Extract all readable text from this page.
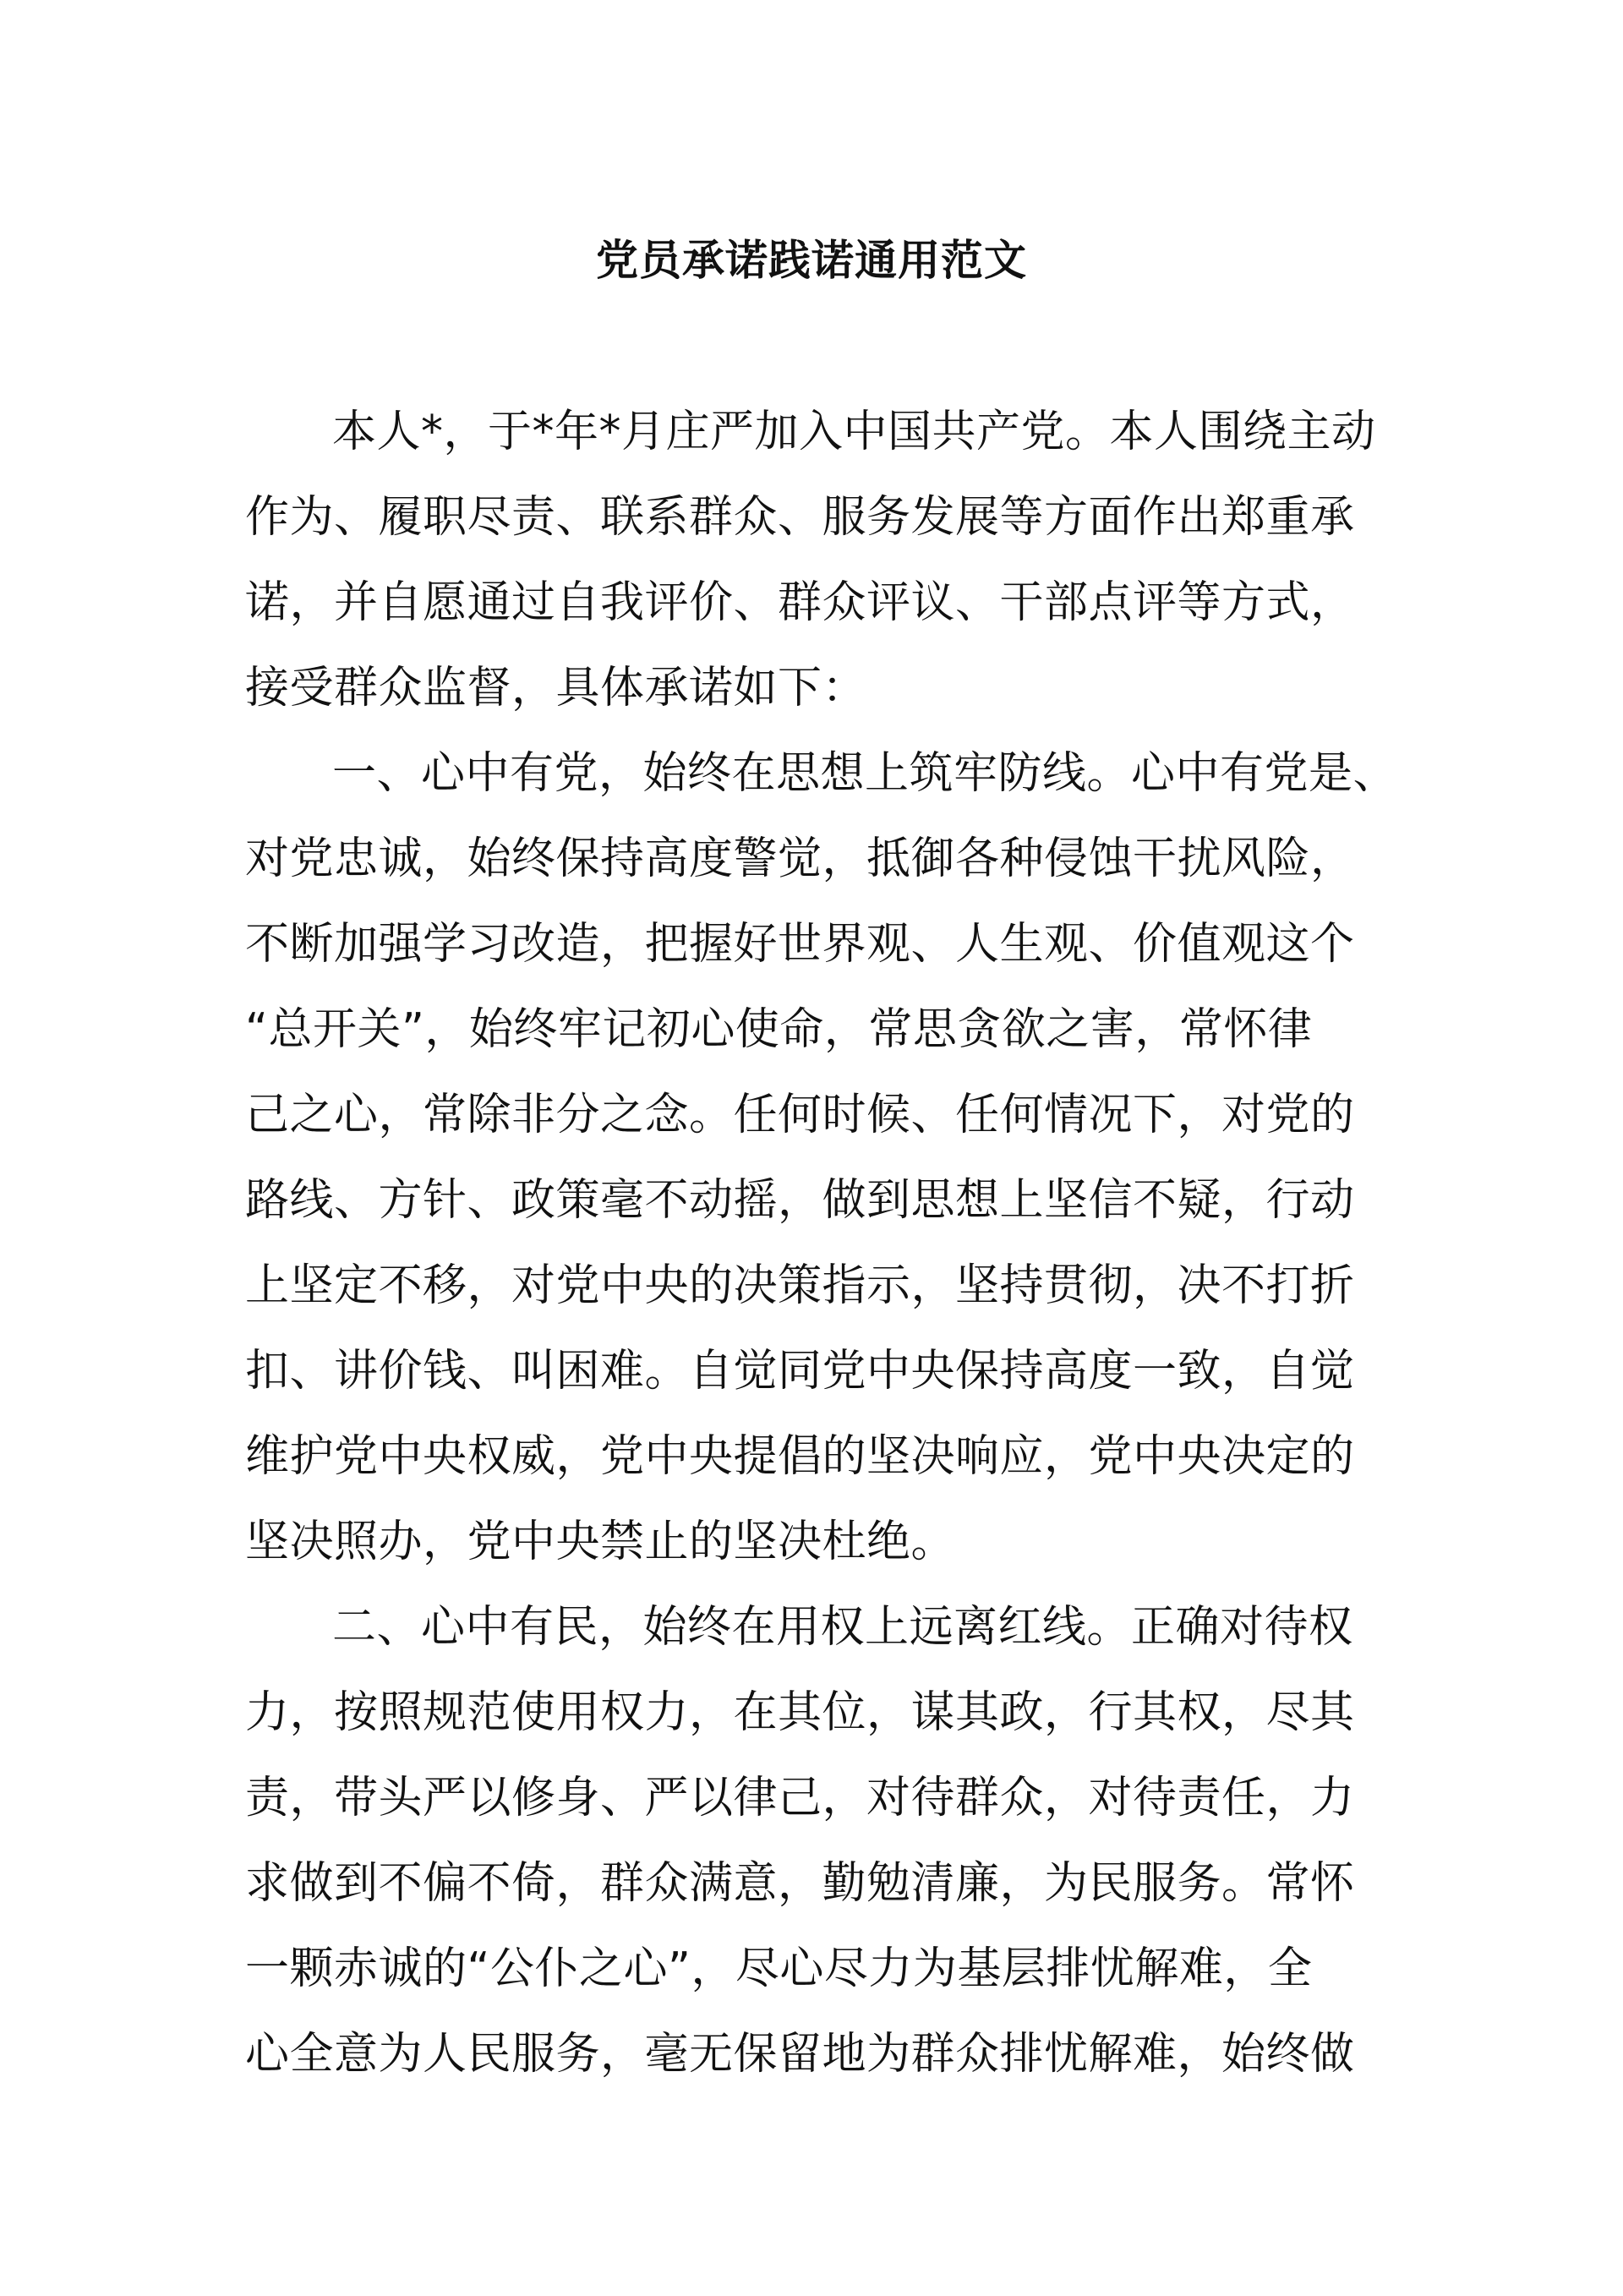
党员承诺践诺通用范文
本人*，于*年*月庄严加入中国共产党。本人围绕主动
作为、履职尽责、联系群众、服务发展等方面作出郑重承
诺，并自愿通过自我评价、群众评议、干部点评等方式，
接受群众监督，具体承诺如下：
一、心中有党，始终在思想上筑牢防线。心中有党是、
对党忠诚，始终保持高度警觉，抵御各种侵蚀干扰风险，
不断加强学习改造，把握好世界观、人生观、价值观这个
“总开关”，始终牢记初心使命，常思贪欲之害，常怀律
己之心，常除非分之念。任何时候、任何情况下，对党的
路线、方针、政策毫不动摇，做到思想上坚信不疑，行动
上坚定不移，对党中央的决策指示，坚持贯彻，决不打折
扣、讲价钱、叫困难。自觉同党中央保持高度一致，自觉
维护党中央权威，党中央提倡的坚决响应，党中央决定的
坚决照办，党中央禁止的坚决杜绝。
二、心中有民，始终在用权上远离红线。正确对待权
力，按照规范使用权力，在其位，谋其政，行其权，尽其
责，带头严以修身、严以律己，对待群众，对待责任，力
求做到不偏不倚，群众满意，勤勉清廉，为民服务。常怀
一颗赤诚的“公仆之心”，尽心尽力为基层排忧解难，全
心全意为人民服务，毫无保留地为群众排忧解难，始终做
